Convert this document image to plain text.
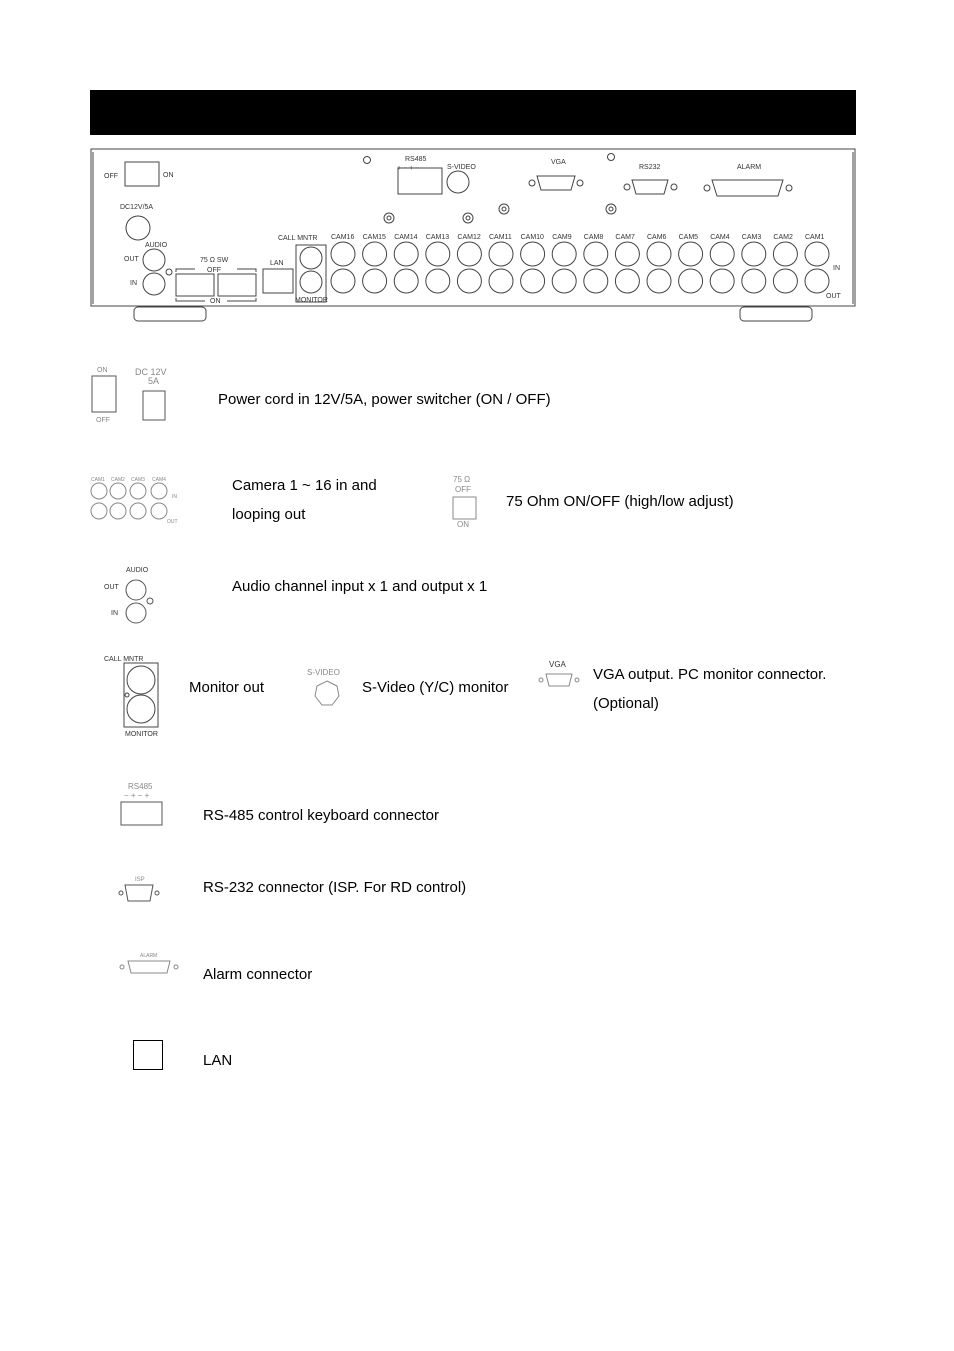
OFF	ON
DC12V/5A
AUDIO
OUT
IN
75 Ω SW
OFF
ON
LAN
CALL MNTR
MONITOR
RS485
+ − + −	S-VIDEO
VGA
RS232	ALARM
IN
OUT
CAM16 CAM15 CAM14 CAM13 CAM12 CAM11 CAM10 CAM9 CAM8 CAM7 CAM6 CAM5 CAM4 CAM3 CAM2 CAM1
ON
OFF
DC 12V
5A
Power cord in 12V/5A, power switcher (ON / OFF)
CAM1 CAM2 CAM3 CAM4
IN
OUT
Camera 1 ~ 16 in and
looping out
75 Ω
OFF
ON
75 Ohm ON/OFF (high/low adjust)
AUDIO
OUT
IN
Audio channel input x 1 and output x 1
CALL MNTR
MONITOR
Monitor out
S-VIDEO
S-Video (Y/C) monitor
VGA
VGA output. PC monitor connector.
(Optional)
RS485
− + − +
RS-485 control keyboard connector
ISP	RS-232 connector (ISP. For RD control)
ALARM
Alarm connector
LAN
